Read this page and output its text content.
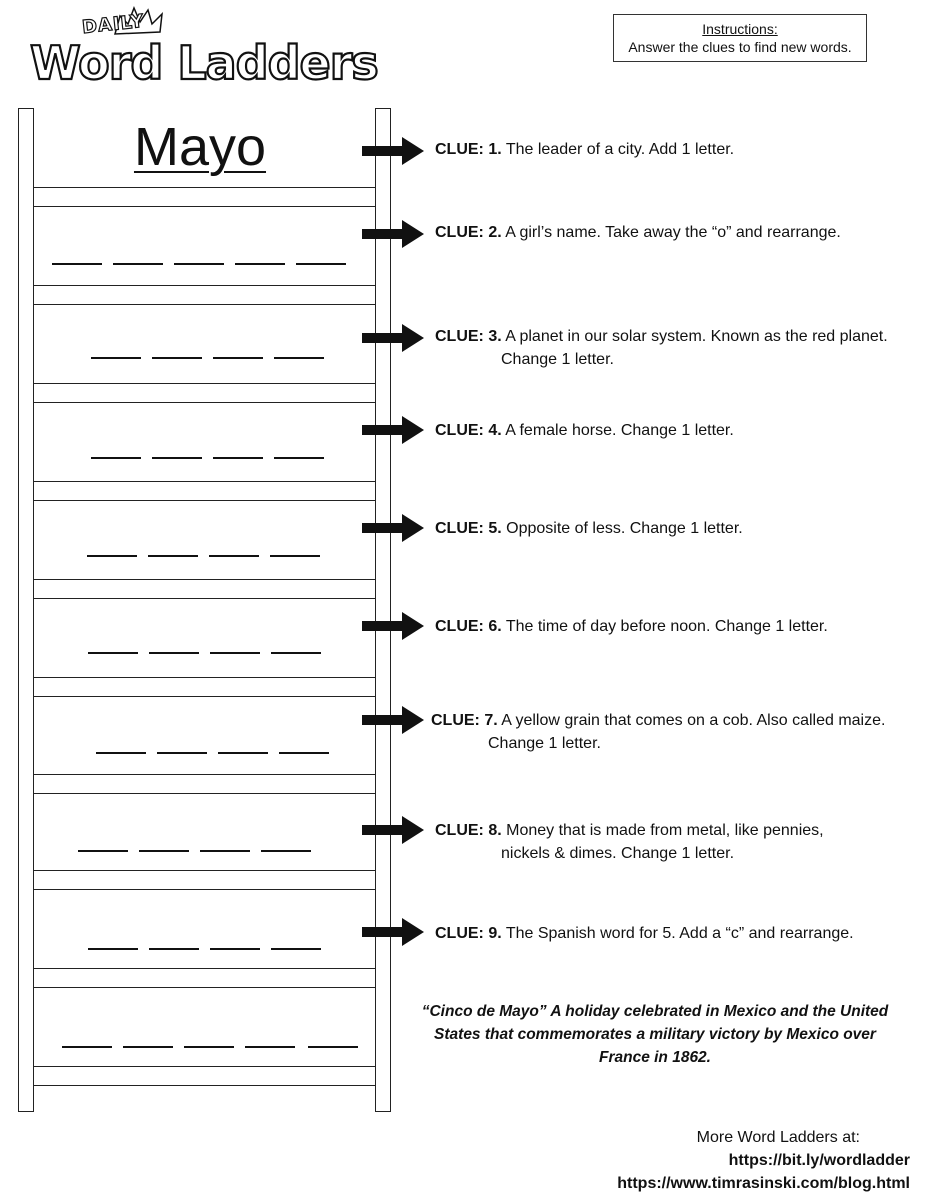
DAILY
Word Ladders
Instructions:
Answer the clues to find new words.
Mayo	CLUE: 1. The leader of a city. Add 1 letter.
CLUE: 2. A girl’s name. Take away the “o” and rearrange.
CLUE: 3. A planet in our solar system. Known as the red planet.
Change 1 letter.
CLUE: 4. A female horse. Change 1 letter.
CLUE: 5. Opposite of less. Change 1 letter.
CLUE: 6. The time of day before noon. Change 1 letter.
CLUE: 7. A yellow grain that comes on a cob. Also called maize.
Change 1 letter.
CLUE: 8. Money that is made from metal, like pennies,
nickels & dimes. Change 1 letter.
CLUE: 9. The Spanish word for 5. Add a “c” and rearrange.
“Cinco de Mayo” A holiday celebrated in Mexico and the United States that commemorates a military victory by Mexico over France in 1862.
More Word Ladders at:
https://bit.ly/wordladder
https://www.timrasinski.com/blog.html
